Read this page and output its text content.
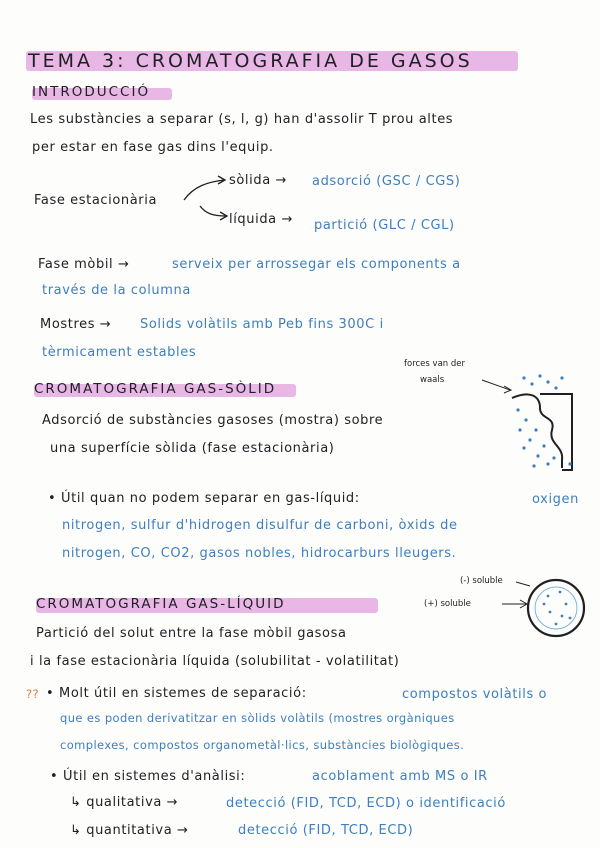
TEMA 3: CROMATOGRAFIA DE GASOS
INTRODUCCIÓ
Les substàncies a separar (s, l, g) han d'assolir T prou altes
per estar en fase gas dins l'equip.
Fase estacionària
sòlida → adsorció (GSC / CGS)
líquida → partició (GLC / CGL)
Fase mòbil →	serveix per arrossegar els components a
través de la columna
Mostres → Solids volàtils amb Peb fins 300C i
tèrmicament estables
CROMATOGRAFIA GAS-SÒLID
forces van der
waals
Adsorció de substàncies gasoses (mostra) sobre
una superfície sòlida (fase estacionària)
• Útil quan no podem separar en gas-líquid:	oxigen
nitrogen, sulfur d'hidrogen disulfur de carboni, òxids de
nitrogen, CO, CO2, gasos nobles, hidrocarburs lleugers.
CROMATOGRAFIA GAS-LÍQUID
(-) soluble
(+) soluble
Partició del solut entre la fase mòbil gasosa
i la fase estacionària líquida (solubilitat - volatilitat)
?? • Molt útil en sistemes de separació:	compostos volàtils o
que es poden derivatitzar en sòlids volàtils (mostres orgàniques
complexes, compostos organometàl·lics, substàncies biològiques.
• Útil en sistemes d'anàlisi:	acoblament amb MS o IR
↳ qualitativa →	detecció (FID, TCD, ECD) o identificació
↳ quantitativa →	detecció (FID, TCD, ECD)
